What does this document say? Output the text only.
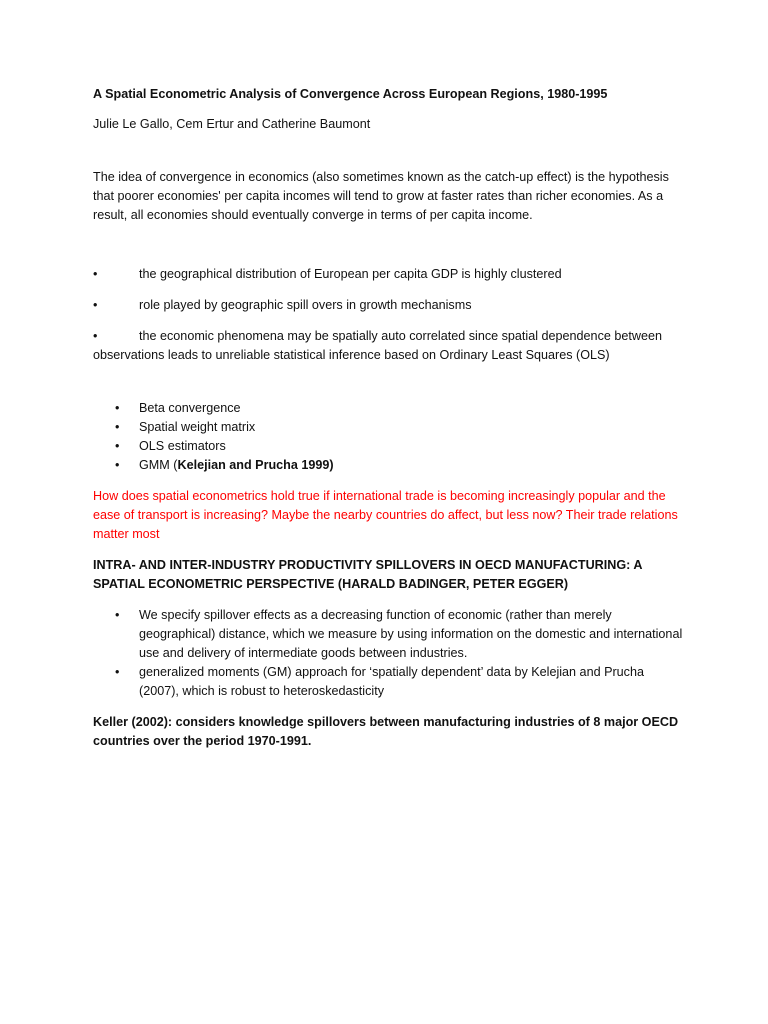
A Spatial Econometric Analysis of Convergence Across European Regions, 1980-1995

Julie Le Gallo, Cem Ertur and Catherine Baumont

The idea of convergence in economics (also sometimes known as the catch-up effect) is the hypothesis that poorer economies' per capita incomes will tend to grow at faster rates than richer economies. As a result, all economies should eventually converge in terms of per capita income.

•	the geographical distribution of European per capita GDP is highly clustered
•	role played by geographic spill overs in growth mechanisms
•	the economic phenomena may be spatially auto correlated since spatial dependence between observations leads to unreliable statistical inference based on Ordinary Least Squares (OLS)
• Beta convergence
• Spatial weight matrix
• OLS estimators
• GMM (Kelejian and Prucha 1999)

How does spatial econometrics hold true if international trade is becoming increasingly popular and the ease of transport is increasing? Maybe the nearby countries do affect, but less now? Their trade relations matter most

INTRA- AND INTER-INDUSTRY PRODUCTIVITY SPILLOVERS IN OECD MANUFACTURING: A SPATIAL ECONOMETRIC PERSPECTIVE (HARALD BADINGER, PETER EGGER)

• We specify spillover effects as a decreasing function of economic (rather than merely geographical) distance, which we measure by using information on the domestic and international use and delivery of intermediate goods between industries.
• generalized moments (GM) approach for ‘spatially dependent’ data by Kelejian and Prucha (2007), which is robust to heteroskedasticity

Keller (2002): considers knowledge spillovers between manufacturing industries of 8 major OECD countries over the period 1970-1991.
